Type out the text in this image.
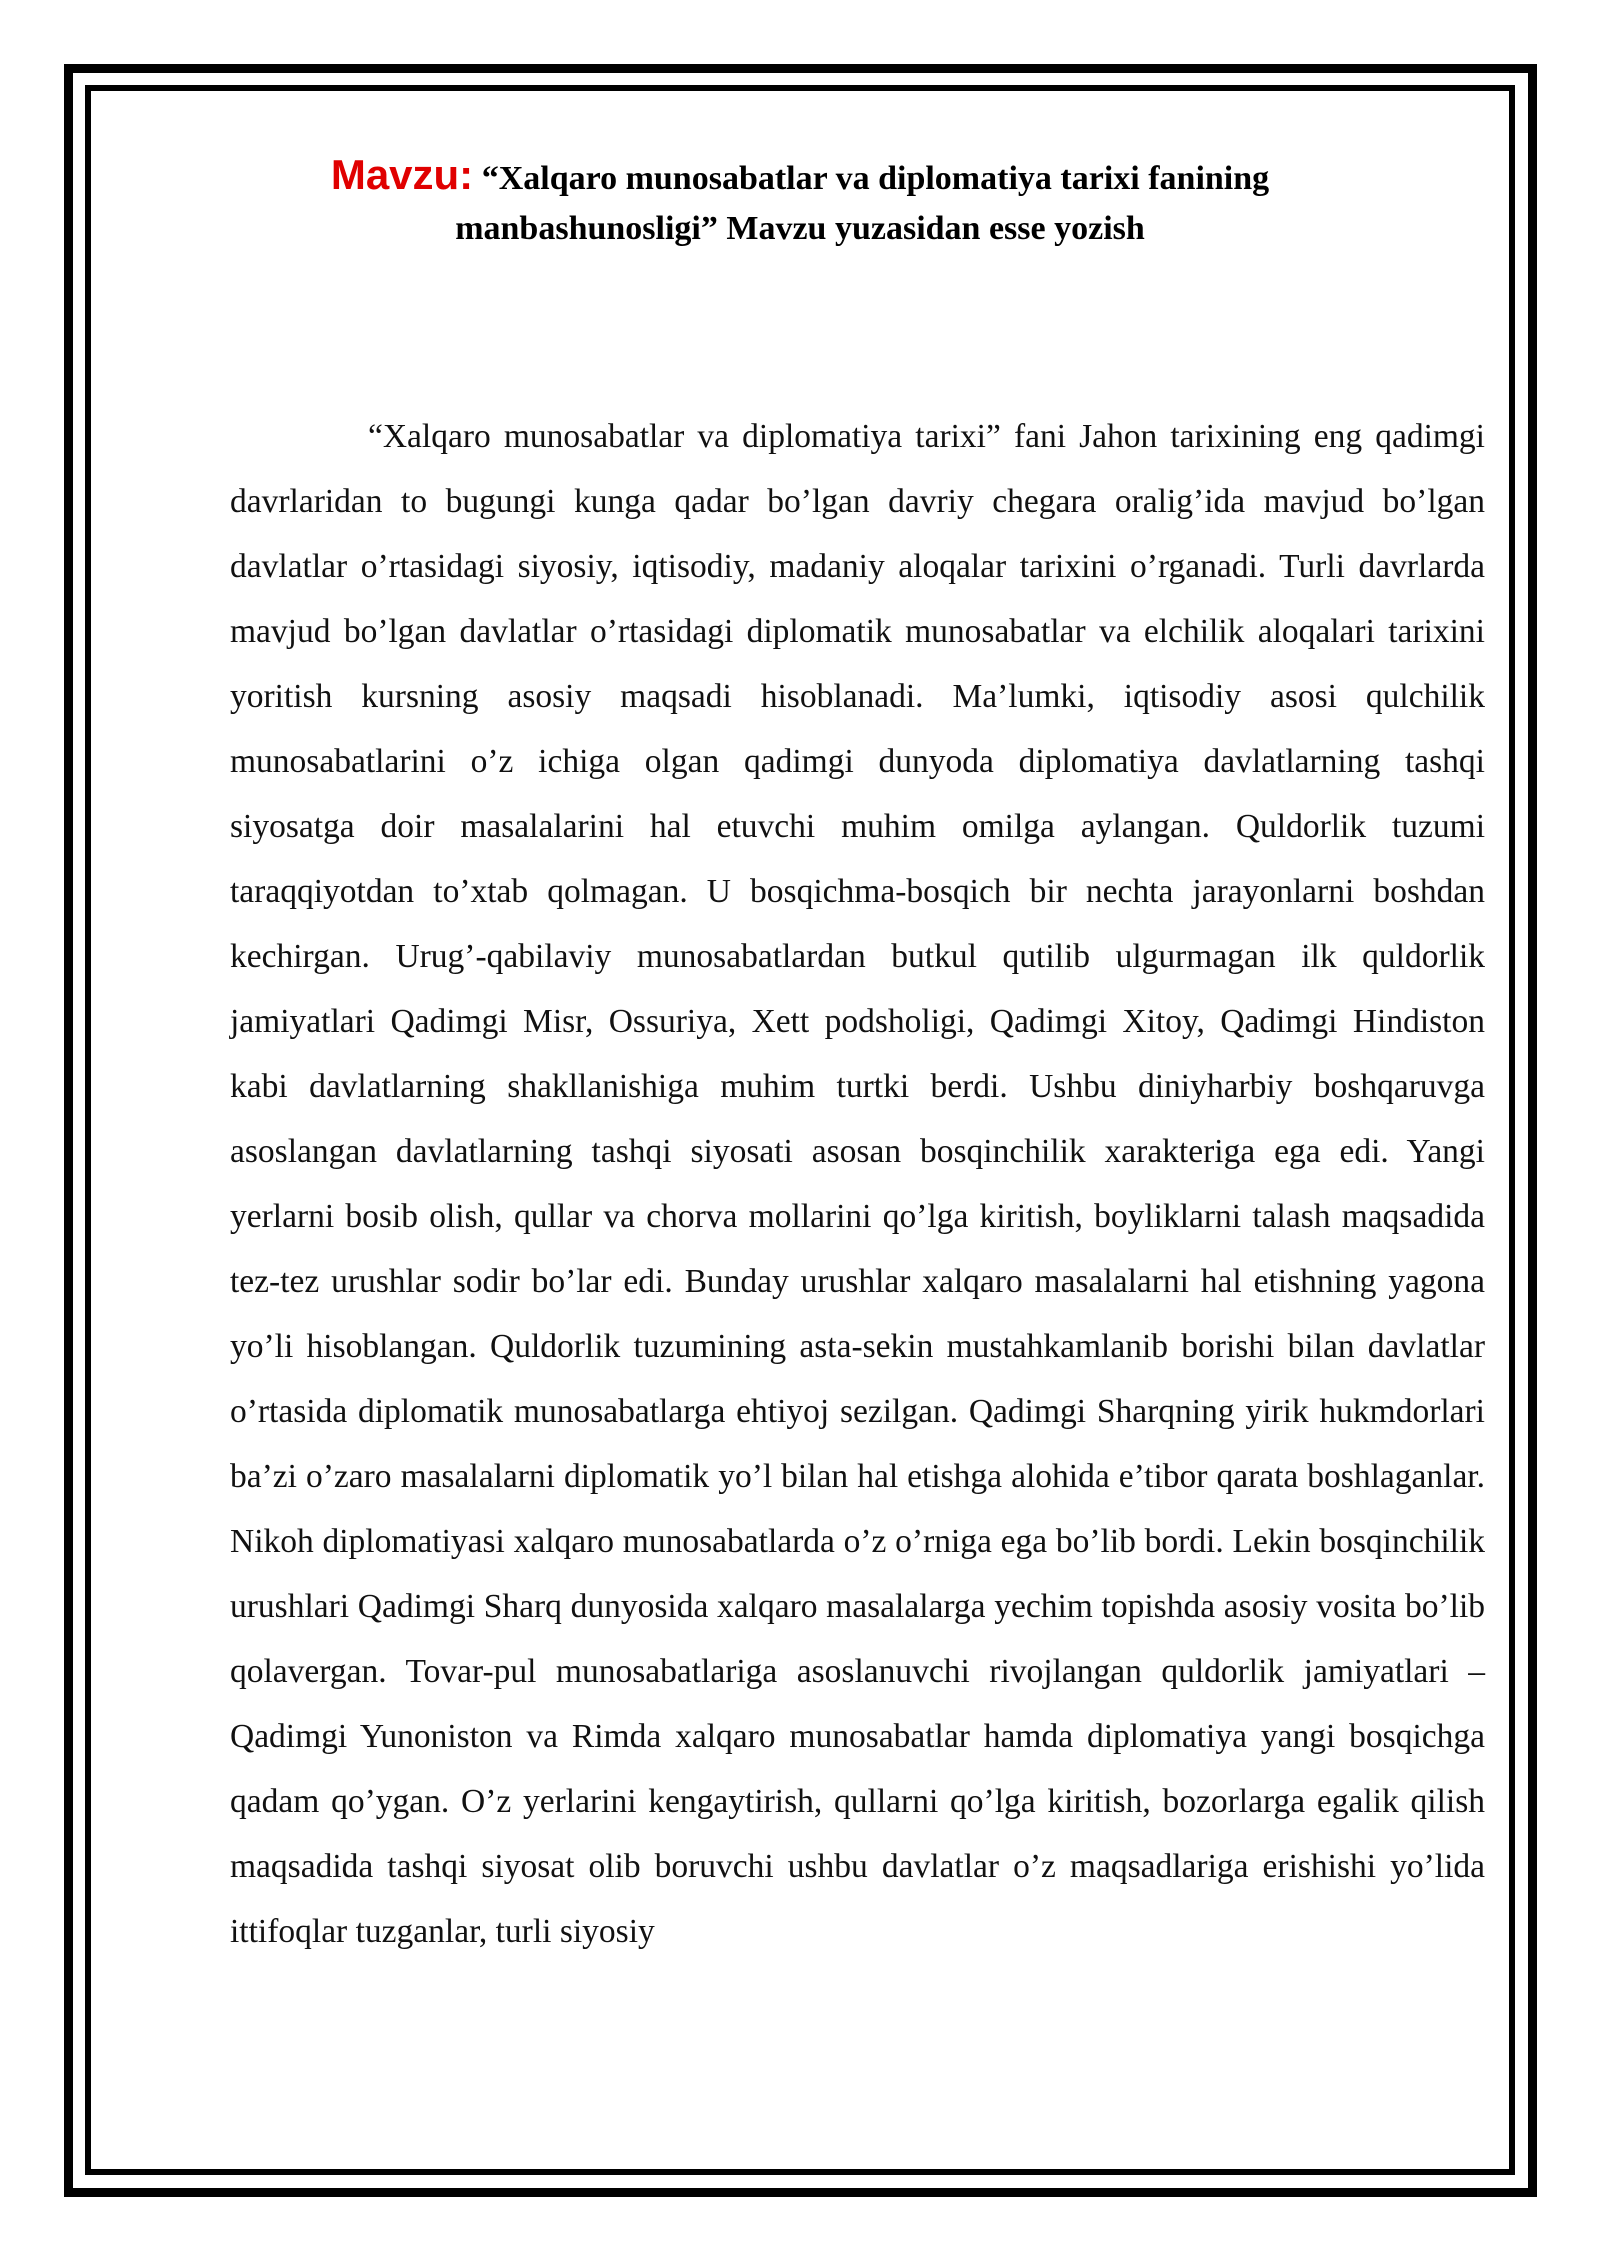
Mavzu: “Xalqaro munosabatlar va diplomatiya tarixi fanining
manbashunosligi” Mavzu yuzasidan esse yozish

“Xalqaro munosabatlar va diplomatiya tarixi” fani Jahon tarixining eng qadimgi davrlaridan to bugungi kunga qadar bo’lgan davriy chegara oralig’ida mavjud bo’lgan davlatlar o’rtasidagi siyosiy, iqtisodiy, madaniy aloqalar tarixini o’rganadi. Turli davrlarda mavjud bo’lgan davlatlar o’rtasidagi diplomatik munosabatlar va elchilik aloqalari tarixini yoritish kursning asosiy maqsadi hisoblanadi. Ma’lumki, iqtisodiy asosi qulchilik munosabatlarini o’z ichiga olgan qadimgi dunyoda diplomatiya davlatlarning tashqi siyosatga doir masalalarini hal etuvchi muhim omilga aylangan. Quldorlik tuzumi taraqqiyotdan to’xtab qolmagan. U bosqichma-bosqich bir nechta jarayonlarni boshdan kechirgan. Urug’-qabilaviy munosabatlardan butkul qutilib ulgurmagan ilk quldorlik jamiyatlari Qadimgi Misr, Ossuriya, Xett podsholigi, Qadimgi Xitoy, Qadimgi Hindiston kabi davlatlarning shakllanishiga muhim turtki berdi. Ushbu diniyharbiy boshqaruvga asoslangan davlatlarning tashqi siyosati asosan bosqinchilik xarakteriga ega edi. Yangi yerlarni bosib olish, qullar va chorva mollarini qo’lga kiritish, boyliklarni talash maqsadida tez-tez urushlar sodir bo’lar edi. Bunday urushlar xalqaro masalalarni hal etishning yagona yo’li hisoblangan. Quldorlik tuzumining asta-sekin mustahkamlanib borishi bilan davlatlar o’rtasida diplomatik munosabatlarga ehtiyoj sezilgan. Qadimgi Sharqning yirik hukmdorlari ba’zi o’zaro masalalarni diplomatik yo’l bilan hal etishga alohida e’tibor qarata boshlaganlar. Nikoh diplomatiyasi xalqaro munosabatlarda o’z o’rniga ega bo’lib bordi. Lekin bosqinchilik urushlari Qadimgi Sharq dunyosida xalqaro masalalarga yechim topishda asosiy vosita bo’lib qolavergan. Tovar-pul munosabatlariga asoslanuvchi rivojlangan quldorlik jamiyatlari – Qadimgi Yunoniston va Rimda xalqaro munosabatlar hamda diplomatiya yangi bosqichga qadam qo’ygan. O’z yerlarini kengaytirish, qullarni qo’lga kiritish, bozorlarga egalik qilish maqsadida tashqi siyosat olib boruvchi ushbu davlatlar o’z maqsadlariga erishishi yo’lida ittifoqlar tuzganlar, turli siyosiy
